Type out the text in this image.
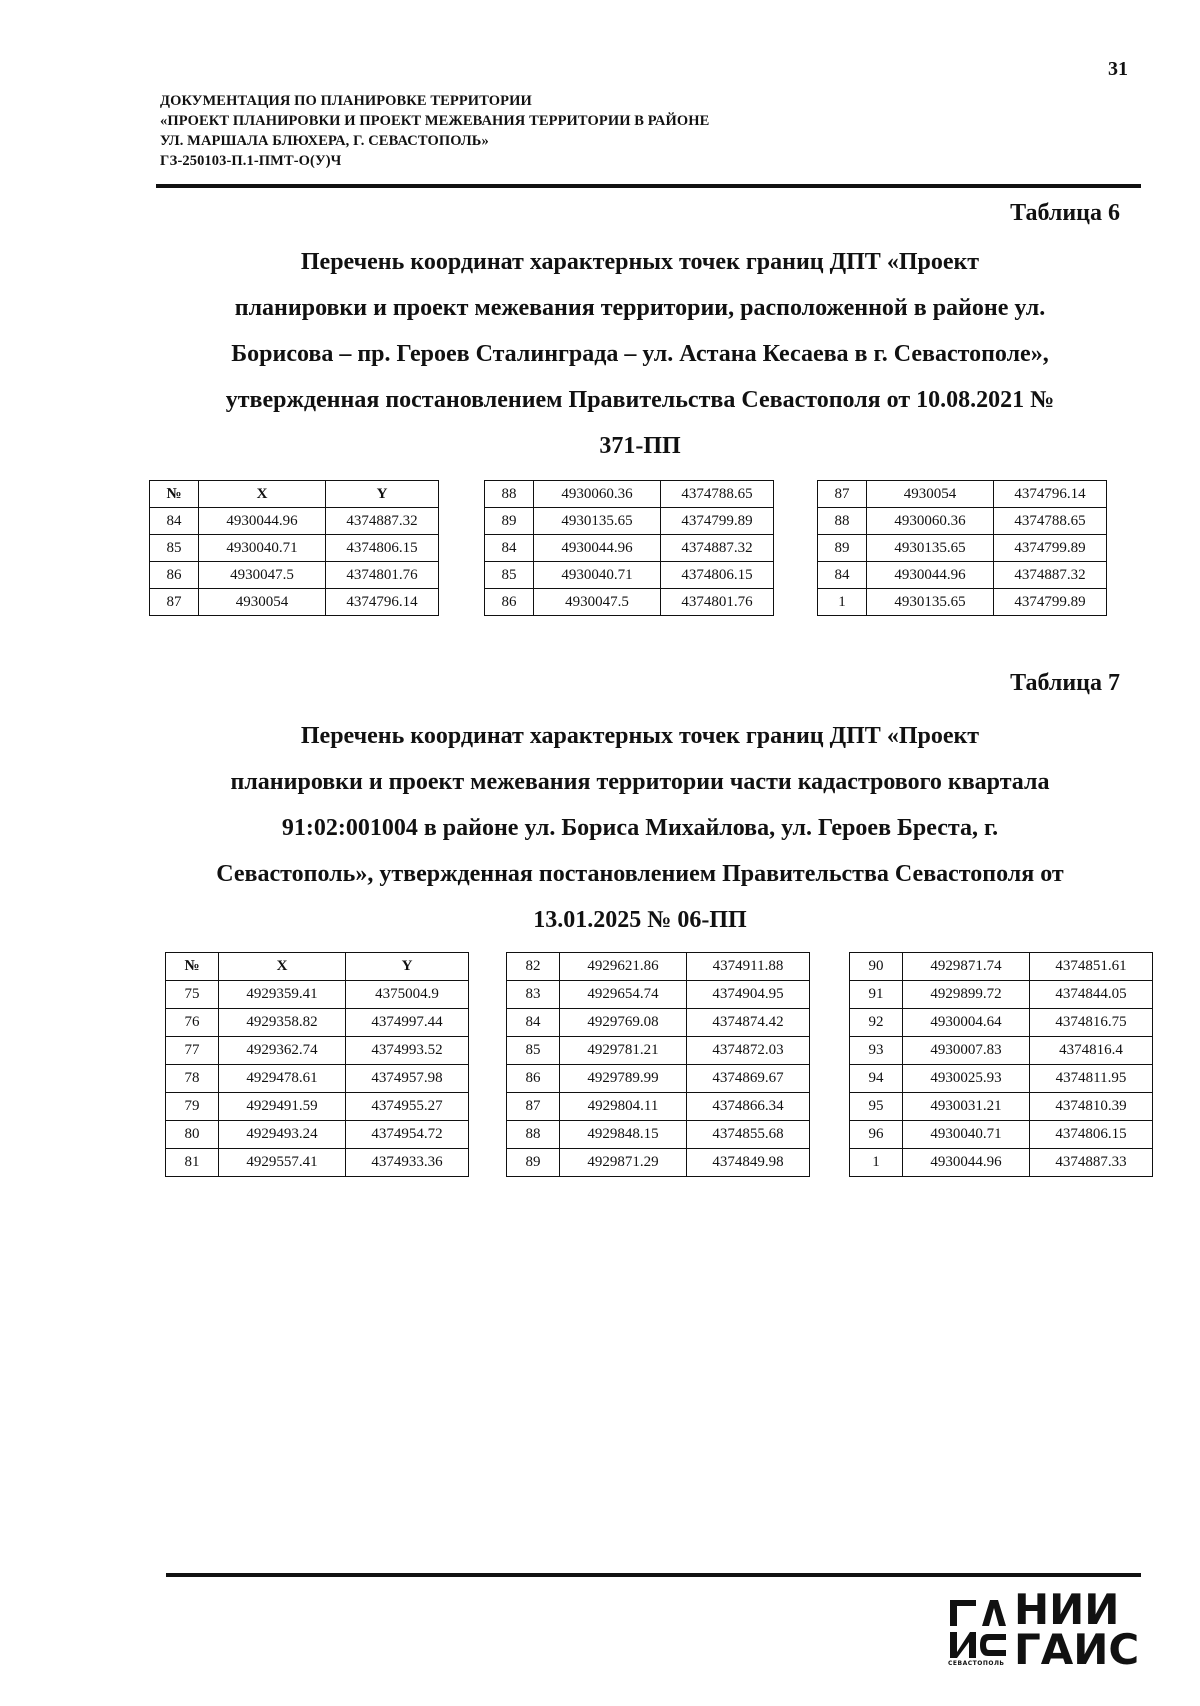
31
ДОКУМЕНТАЦИЯ ПО ПЛАНИРОВКЕ ТЕРРИТОРИИ
«ПРОЕКТ ПЛАНИРОВКИ И ПРОЕКТ МЕЖЕВАНИЯ ТЕРРИТОРИИ В РАЙОНЕ
УЛ. МАРШАЛА БЛЮХЕРА, Г. СЕВАСТОПОЛЬ»
ГЗ-250103-П.1-ПМТ-О(У)Ч
Таблица 6
Перечень координат характерных точек границ ДПТ «Проект
планировки и проект межевания территории, расположенной в районе ул.
Борисова – пр. Героев Сталинграда – ул. Астана Кесаева в г. Севастополе»,
утвержденная постановлением Правительства Севастополя от 10.08.2021 №
371-ПП
№	X	Y
84	4930044.96	4374887.32
85	4930040.71	4374806.15
86	4930047.5	4374801.76
87	4930054	4374796.14
88	4930060.36	4374788.65
89	4930135.65	4374799.89
84	4930044.96	4374887.32
85	4930040.71	4374806.15
86	4930047.5	4374801.76
87	4930054	4374796.14
88	4930060.36	4374788.65
89	4930135.65	4374799.89
84	4930044.96	4374887.32
1	4930135.65	4374799.89
Таблица 7
Перечень координат характерных точек границ ДПТ «Проект
планировки и проект межевания территории части кадастрового квартала
91:02:001004 в районе ул. Бориса Михайлова, ул. Героев Бреста, г.
Севастополь», утвержденная постановлением Правительства Севастополя от
13.01.2025 № 06-ПП
№	X	Y
75	4929359.41	4375004.9
76	4929358.82	4374997.44
77	4929362.74	4374993.52
78	4929478.61	4374957.98
79	4929491.59	4374955.27
80	4929493.24	4374954.72
81	4929557.41	4374933.36
82	4929621.86	4374911.88
83	4929654.74	4374904.95
84	4929769.08	4374874.42
85	4929781.21	4374872.03
86	4929789.99	4374869.67
87	4929804.11	4374866.34
88	4929848.15	4374855.68
89	4929871.29	4374849.98
90	4929871.74	4374851.61
91	4929899.72	4374844.05
92	4930004.64	4374816.75
93	4930007.83	4374816.4
94	4930025.93	4374811.95
95	4930031.21	4374810.39
96	4930040.71	4374806.15
1	4930044.96	4374887.33
НИИ
ГАИС
СЕВАСТОПОЛЬ
